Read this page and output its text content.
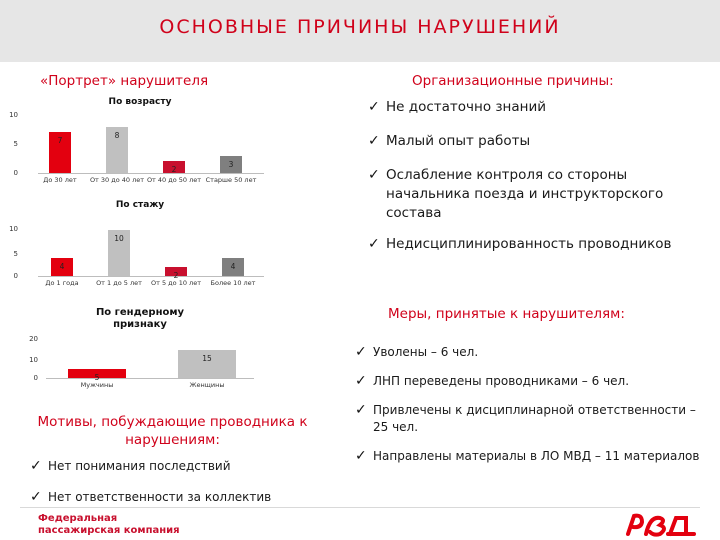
ОСНОВНЫЕ ПРИЧИНЫ НАРУШЕНИЙ
«Портрет» нарушителя	Организационные причины:
По возрасту
10
5
0
7
До 30 лет
8
От 30 до 40 лет
2
От 40 до 50 лет
3
Старше 50 лет
По стажу
10
5
0
4
До 1 года
10
От 1 до 5 лет
2
От 5 до 10 лет
4
Более 10 лет
По гендерному
признаку
20
10
0	5
Мужчины
15
Женщины
✓ Не достаточно знаний
✓ Малый опыт работы
✓ Ослабление контроля со стороны начальника поезда и инструкторского состава
✓ Недисциплинированность проводников
Меры, принятые к нарушителям:
✓ Уволены – 6 чел.
✓ ЛНП переведены проводниками – 6 чел.
✓ Привлечены к дисциплинарной ответственности – 25 чел.
✓ Направлены материалы в ЛО МВД – 11 материалов
Мотивы, побуждающие проводника к нарушениям:
✓ Нет понимания последствий
✓ Нет ответственности за коллектив
Федеральная
пассажирская компания
